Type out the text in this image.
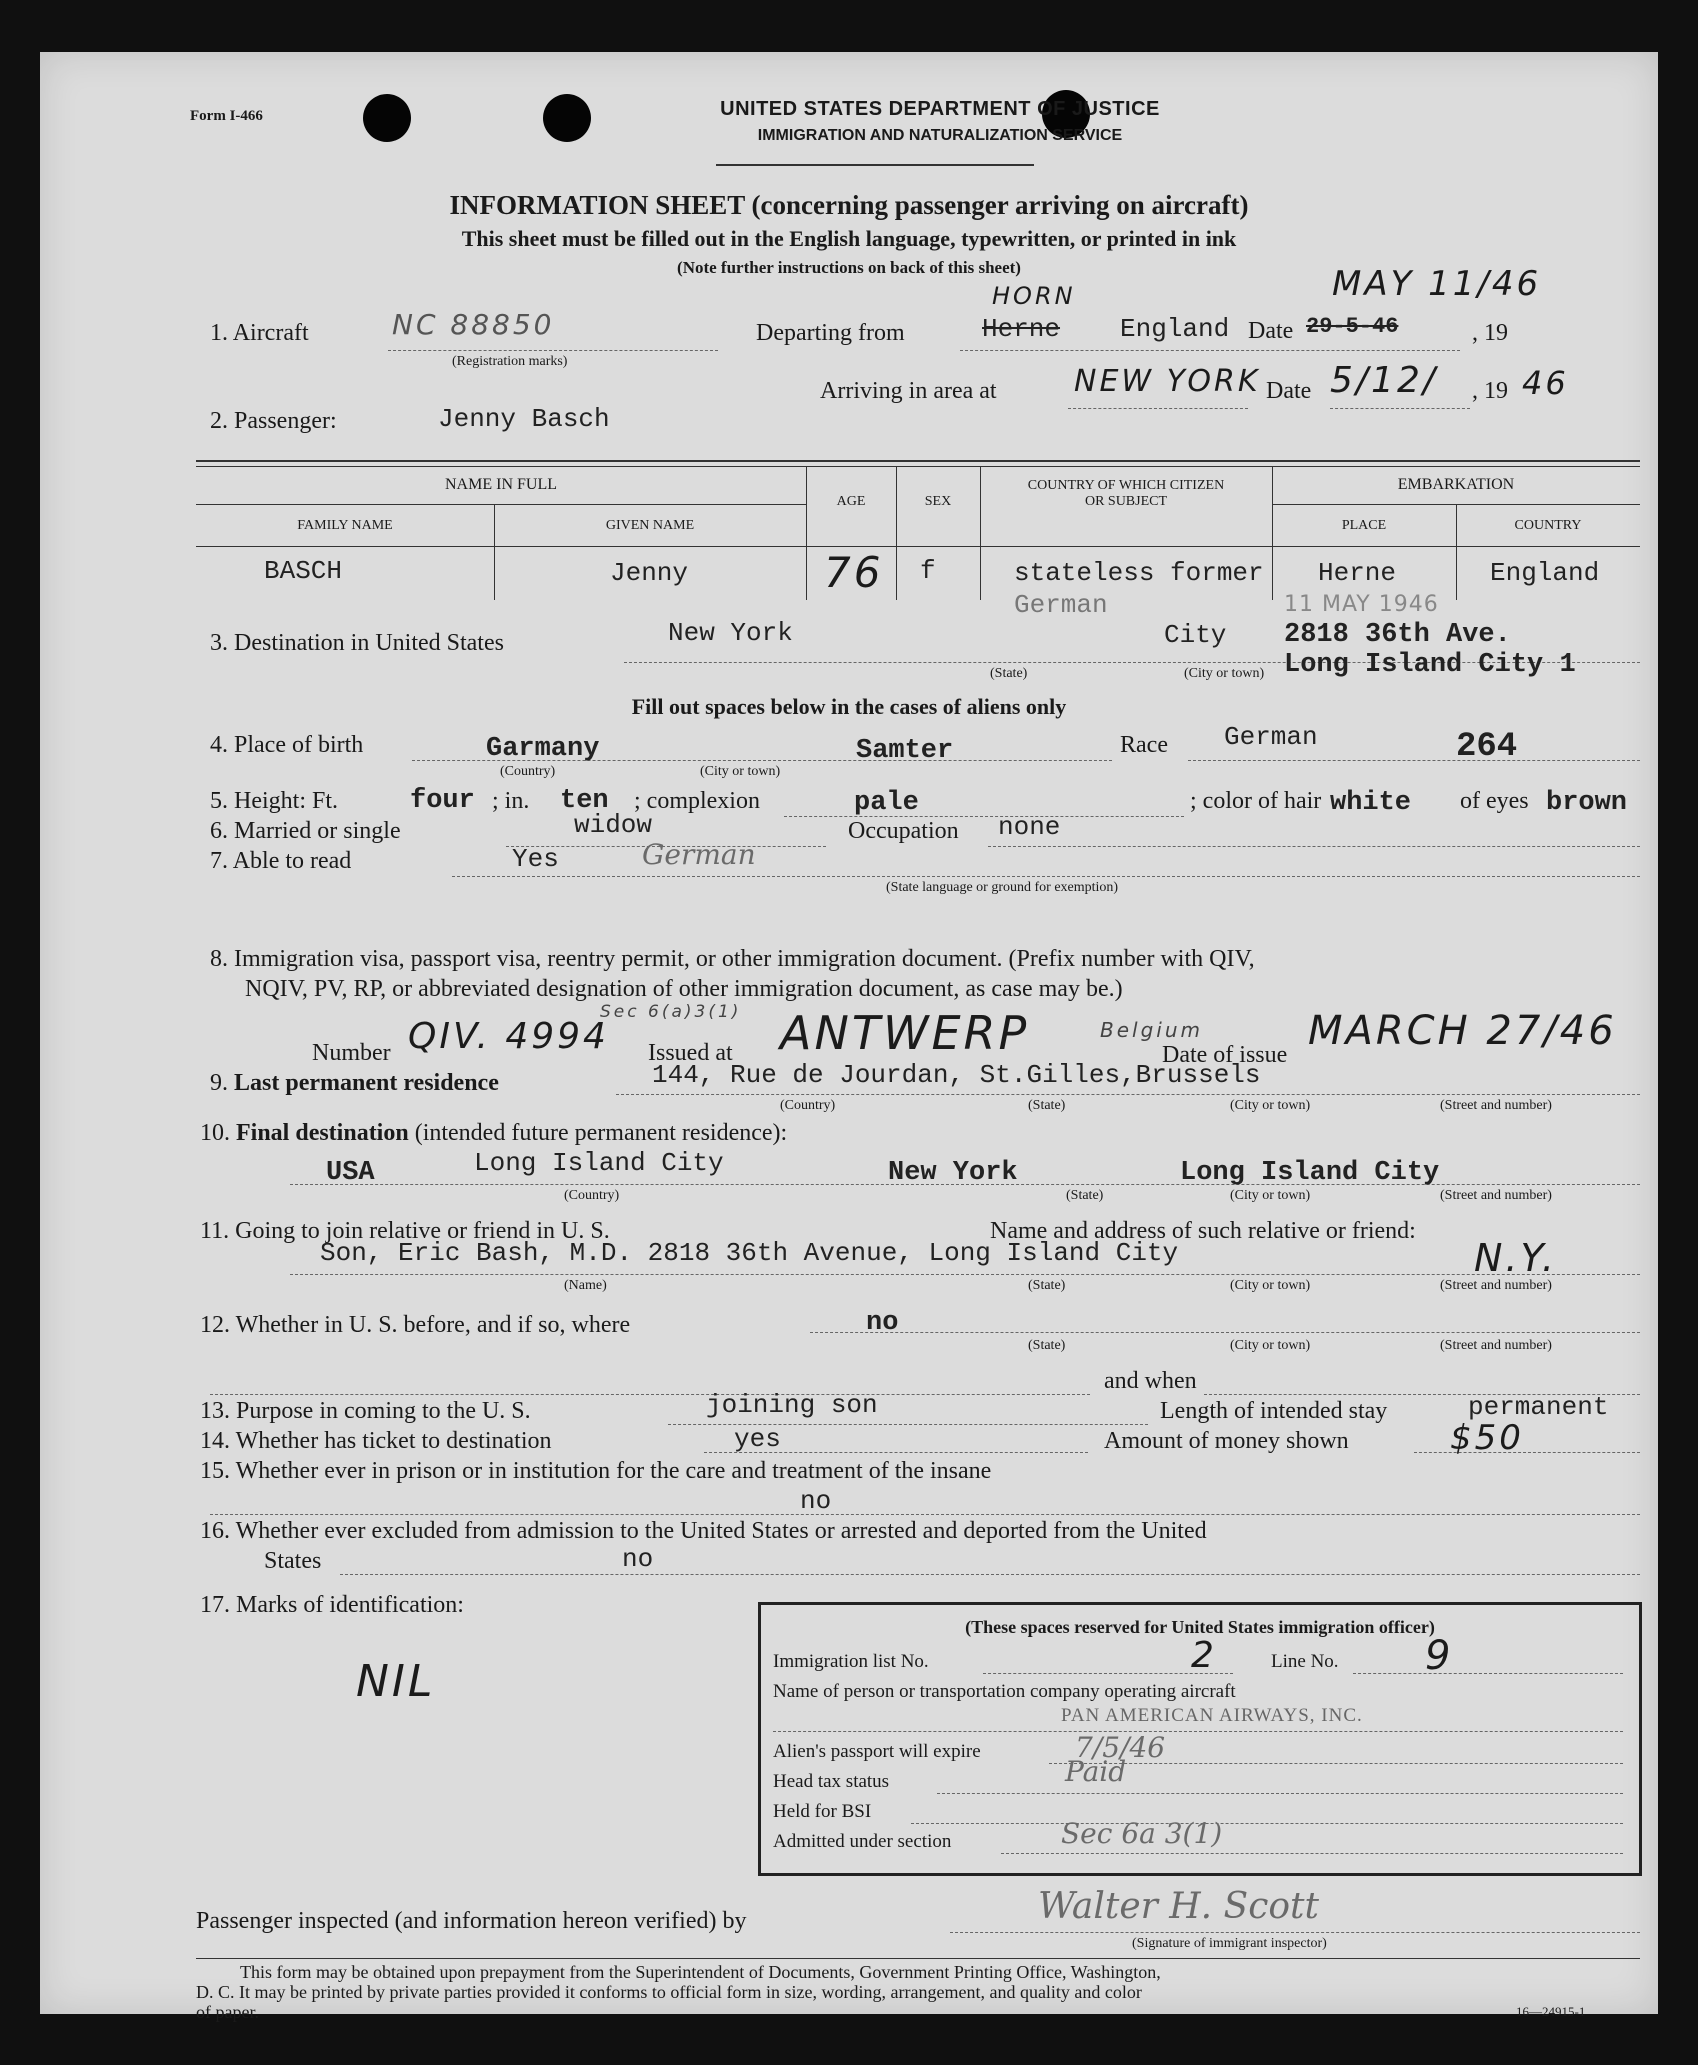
Form I-466	UNITED STATES DEPARTMENT OF JUSTICE
IMMIGRATION AND NATURALIZATION SERVICE
INFORMATION SHEET (concerning passenger arriving on aircraft)
This sheet must be filled out in the English language, typewritten, or printed in ink
(Note further instructions on back of this sheet)
1. Aircraft	NC 88850
(Registration marks)
Departing from
HORN
Herne England Date 29-5-46
MAY 11/46
, 19
Arriving in area at	NEW YORK Date 5/12/ , 19 46
2. Passenger:	Jenny Basch
NAME IN FULL
FAMILY NAME	GIVEN NAME
AGE	SEX
COUNTRY OF WHICH CITIZEN
OR SUBJECT
EMBARKATION
PLACE	COUNTRY
BASCH	Jenny	76 f	stateless former
German
Herne	England
11 MAY 1946
3. Destination in United States	New York	City 2818 36th Ave.
Long Island City 1
(State)	(City or town)
Fill out spaces below in the cases of aliens only
4. Place of birth	Garmany	Samter
(Country)	(City or town)
Race German	264
5. Height: Ft.	four ; in. ten ; complexion	pale	; color of hair white of eyes brown
6. Married or single	widow	Occupation none
7. Able to read	Yes	German
(State language or ground for exemption)
8. Immigration visa, passport visa, reentry permit, or other immigration document. (Prefix number with QIV,
NQIV, PV, RP, or abbreviated designation of other immigration document, as case may be.)
Number QIV. 4994
Sec 6(a)3(1)
Issued at ANTWERP	Belgium
Date of issue
MARCH 27/46
9. Last permanent residence	144, Rue de Jourdan, St.Gilles,Brussels
(Country)	(State)	(City or town)	(Street and number)
10. Final destination (intended future permanent residence):
USA	Long Island City	New York	Long Island City
(Country)	(State)	(City or town)	(Street and number)
11. Going to join relative or friend in U. S.	Name and address of such relative or friend:
Son, Eric Bash, M.D. 2818 36th Avenue, Long Island City	N.Y.
(Name)	(State)	(City or town)	(Street and number)
12. Whether in U. S. before, and if so, where	no
(State)	(City or town)	(Street and number)
and when
13. Purpose in coming to the U. S.	joining son	Length of intended stay	permanent
14. Whether has ticket to destination	yes	Amount of money shown	$50
15. Whether ever in prison or in institution for the care and treatment of the insane
no
16. Whether ever excluded from admission to the United States or arrested and deported from the United
States	no
17. Marks of identification:
NIL
(These spaces reserved for United States immigration officer)
Immigration list No.	2	Line No. 9
Name of person or transportation company operating aircraft
PAN AMERICAN AIRWAYS, INC.
Alien's passport will expire	7/5/46
Head tax status	Paid
Held for BSI
Admitted under section	Sec 6a 3(1)
Passenger inspected (and information hereon verified) by	Walter H. Scott
(Signature of immigrant inspector)
This form may be obtained upon prepayment from the Superintendent of Documents, Government Printing Office, Washington,
D. C. It may be printed by private parties provided it conforms to official form in size, wording, arrangement, and quality and color
of paper.	16—24915-1
